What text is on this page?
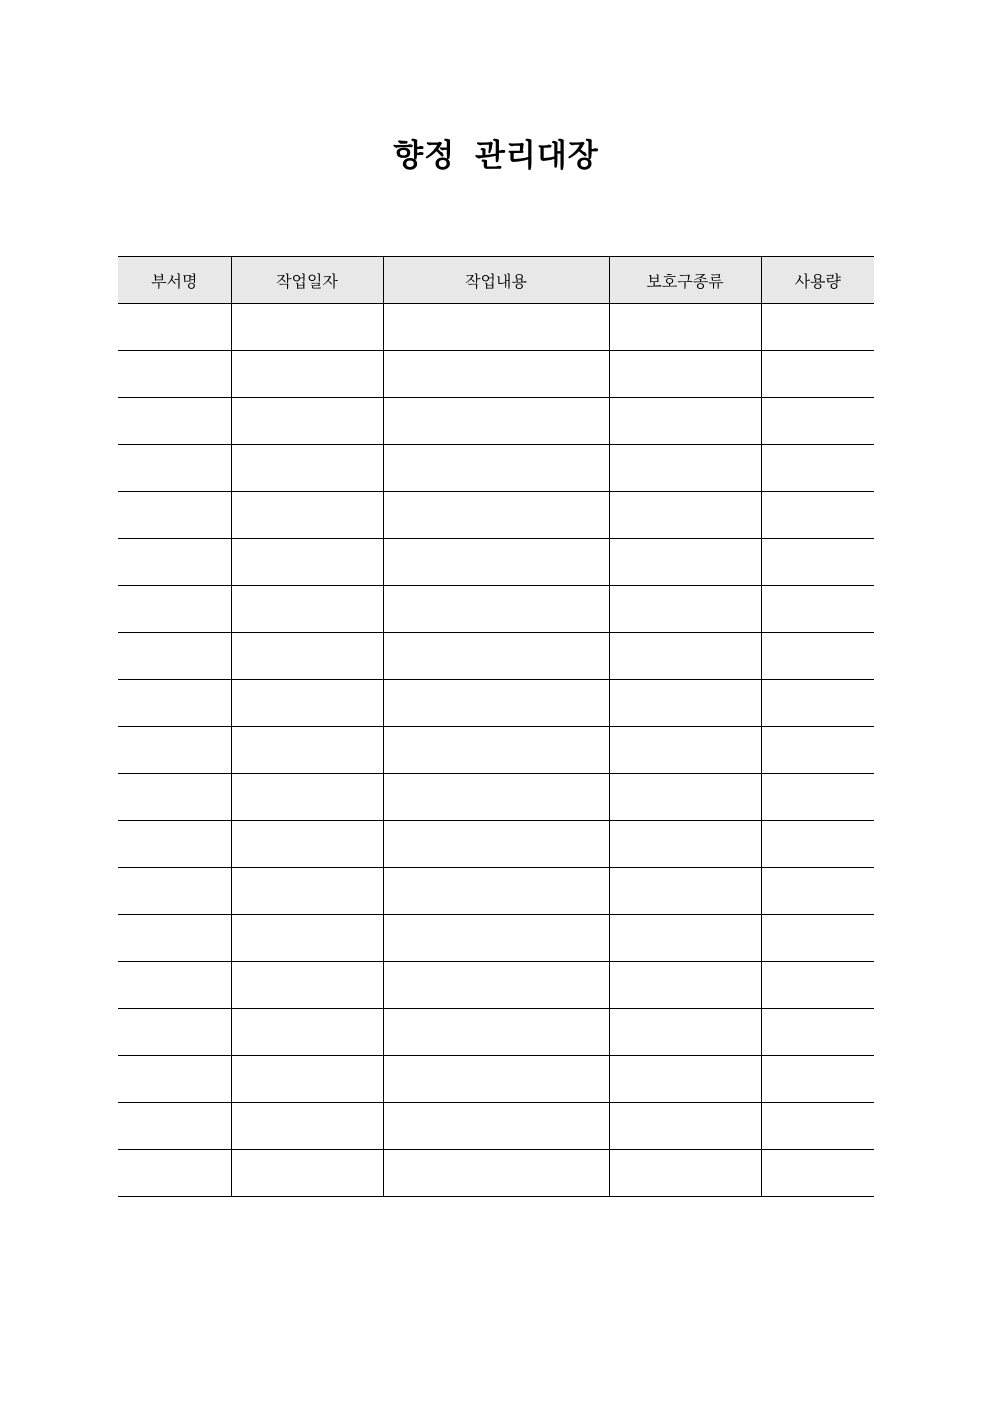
향정 관리대장
부서명	작업일자	작업내용	보호구종류	사용량
